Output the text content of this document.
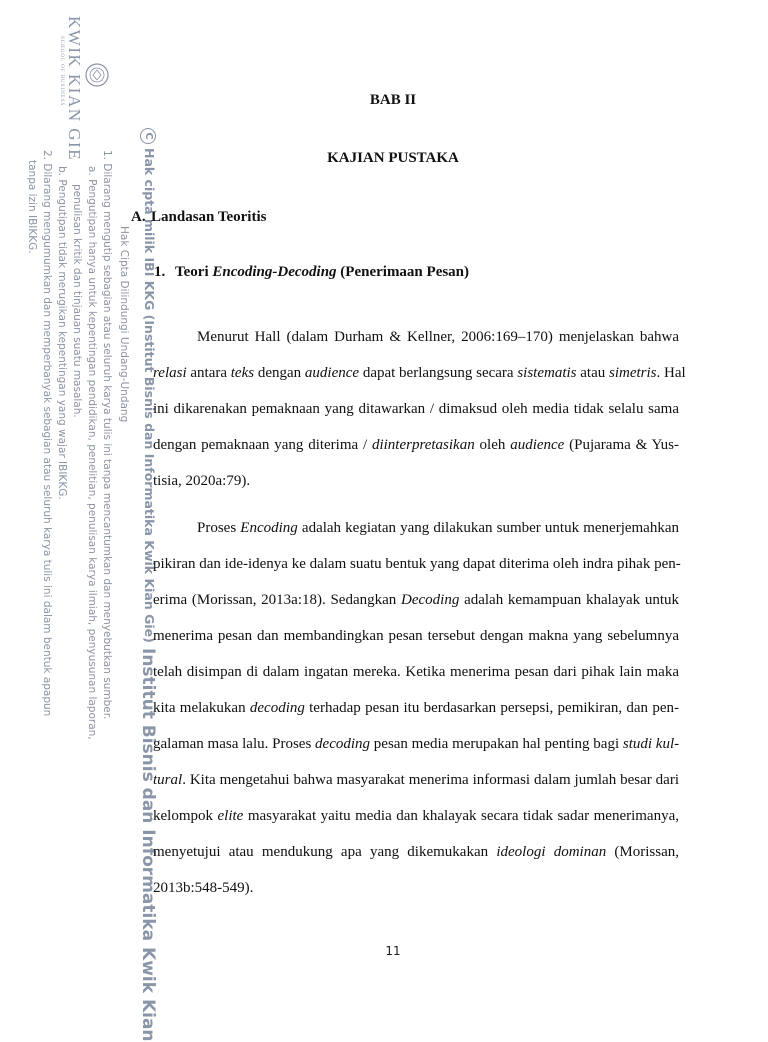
KWIK KIAN GIE
SCHOOL OF BUSINESS
Hak Cipta Dilindungi Undang-Undang
1. Dilarang mengutip sebagian atau seluruh karya tulis ini tanpa mencantumkan dan menyebutkan sumber.
a. Pengutipan hanya untuk kepentingan pendidikan, penelitian, penulisan karya ilmiah, penyusunan laporan,
penulisan kritik dan tinjauan suatu masalah.
b. Pengutipan tidak merugikan kepentingan yang wajar IBIKKG.
2. Dilarang mengumumkan dan memperbanyak sebagian atau seluruh karya tulis ini dalam bentuk apapun
tanpa izin IBIKKG.
CHak cipta milik IBI KKG (Institut Bisnis dan Informatika Kwik Kian Gie)
Institut Bisnis dan Informatika Kwik Kian
BAB II
KAJIAN PUSTAKA
A. Landasan Teoritis
1. Teori Encoding-Decoding (Penerimaan Pesan)
Menurut Hall (dalam Durham & Kellner, 2006:169–170) menjelaskan bahwa
relasi antara teks dengan audience dapat berlangsung secara sistematis atau simetris. Hal
ini dikarenakan pemaknaan yang ditawarkan / dimaksud oleh media tidak selalu sama
dengan pemaknaan yang diterima / diinterpretasikan oleh audience (Pujarama & Yus-
tisia, 2020a:79).
Proses Encoding adalah kegiatan yang dilakukan sumber untuk menerjemahkan
pikiran dan ide-idenya ke dalam suatu bentuk yang dapat diterima oleh indra pihak pen-
erima (Morissan, 2013a:18). Sedangkan Decoding adalah kemampuan khalayak untuk
menerima pesan dan membandingkan pesan tersebut dengan makna yang sebelumnya
telah disimpan di dalam ingatan mereka. Ketika menerima pesan dari pihak lain maka
kita melakukan decoding terhadap pesan itu berdasarkan persepsi, pemikiran, dan pen-
galaman masa lalu. Proses decoding pesan media merupakan hal penting bagi studi kul-
tural. Kita mengetahui bahwa masyarakat menerima informasi dalam jumlah besar dari
kelompok elite masyarakat yaitu media dan khalayak secara tidak sadar menerimanya,
menyetujui atau mendukung apa yang dikemukakan ideologi dominan (Morissan,
2013b:548-549).
11
